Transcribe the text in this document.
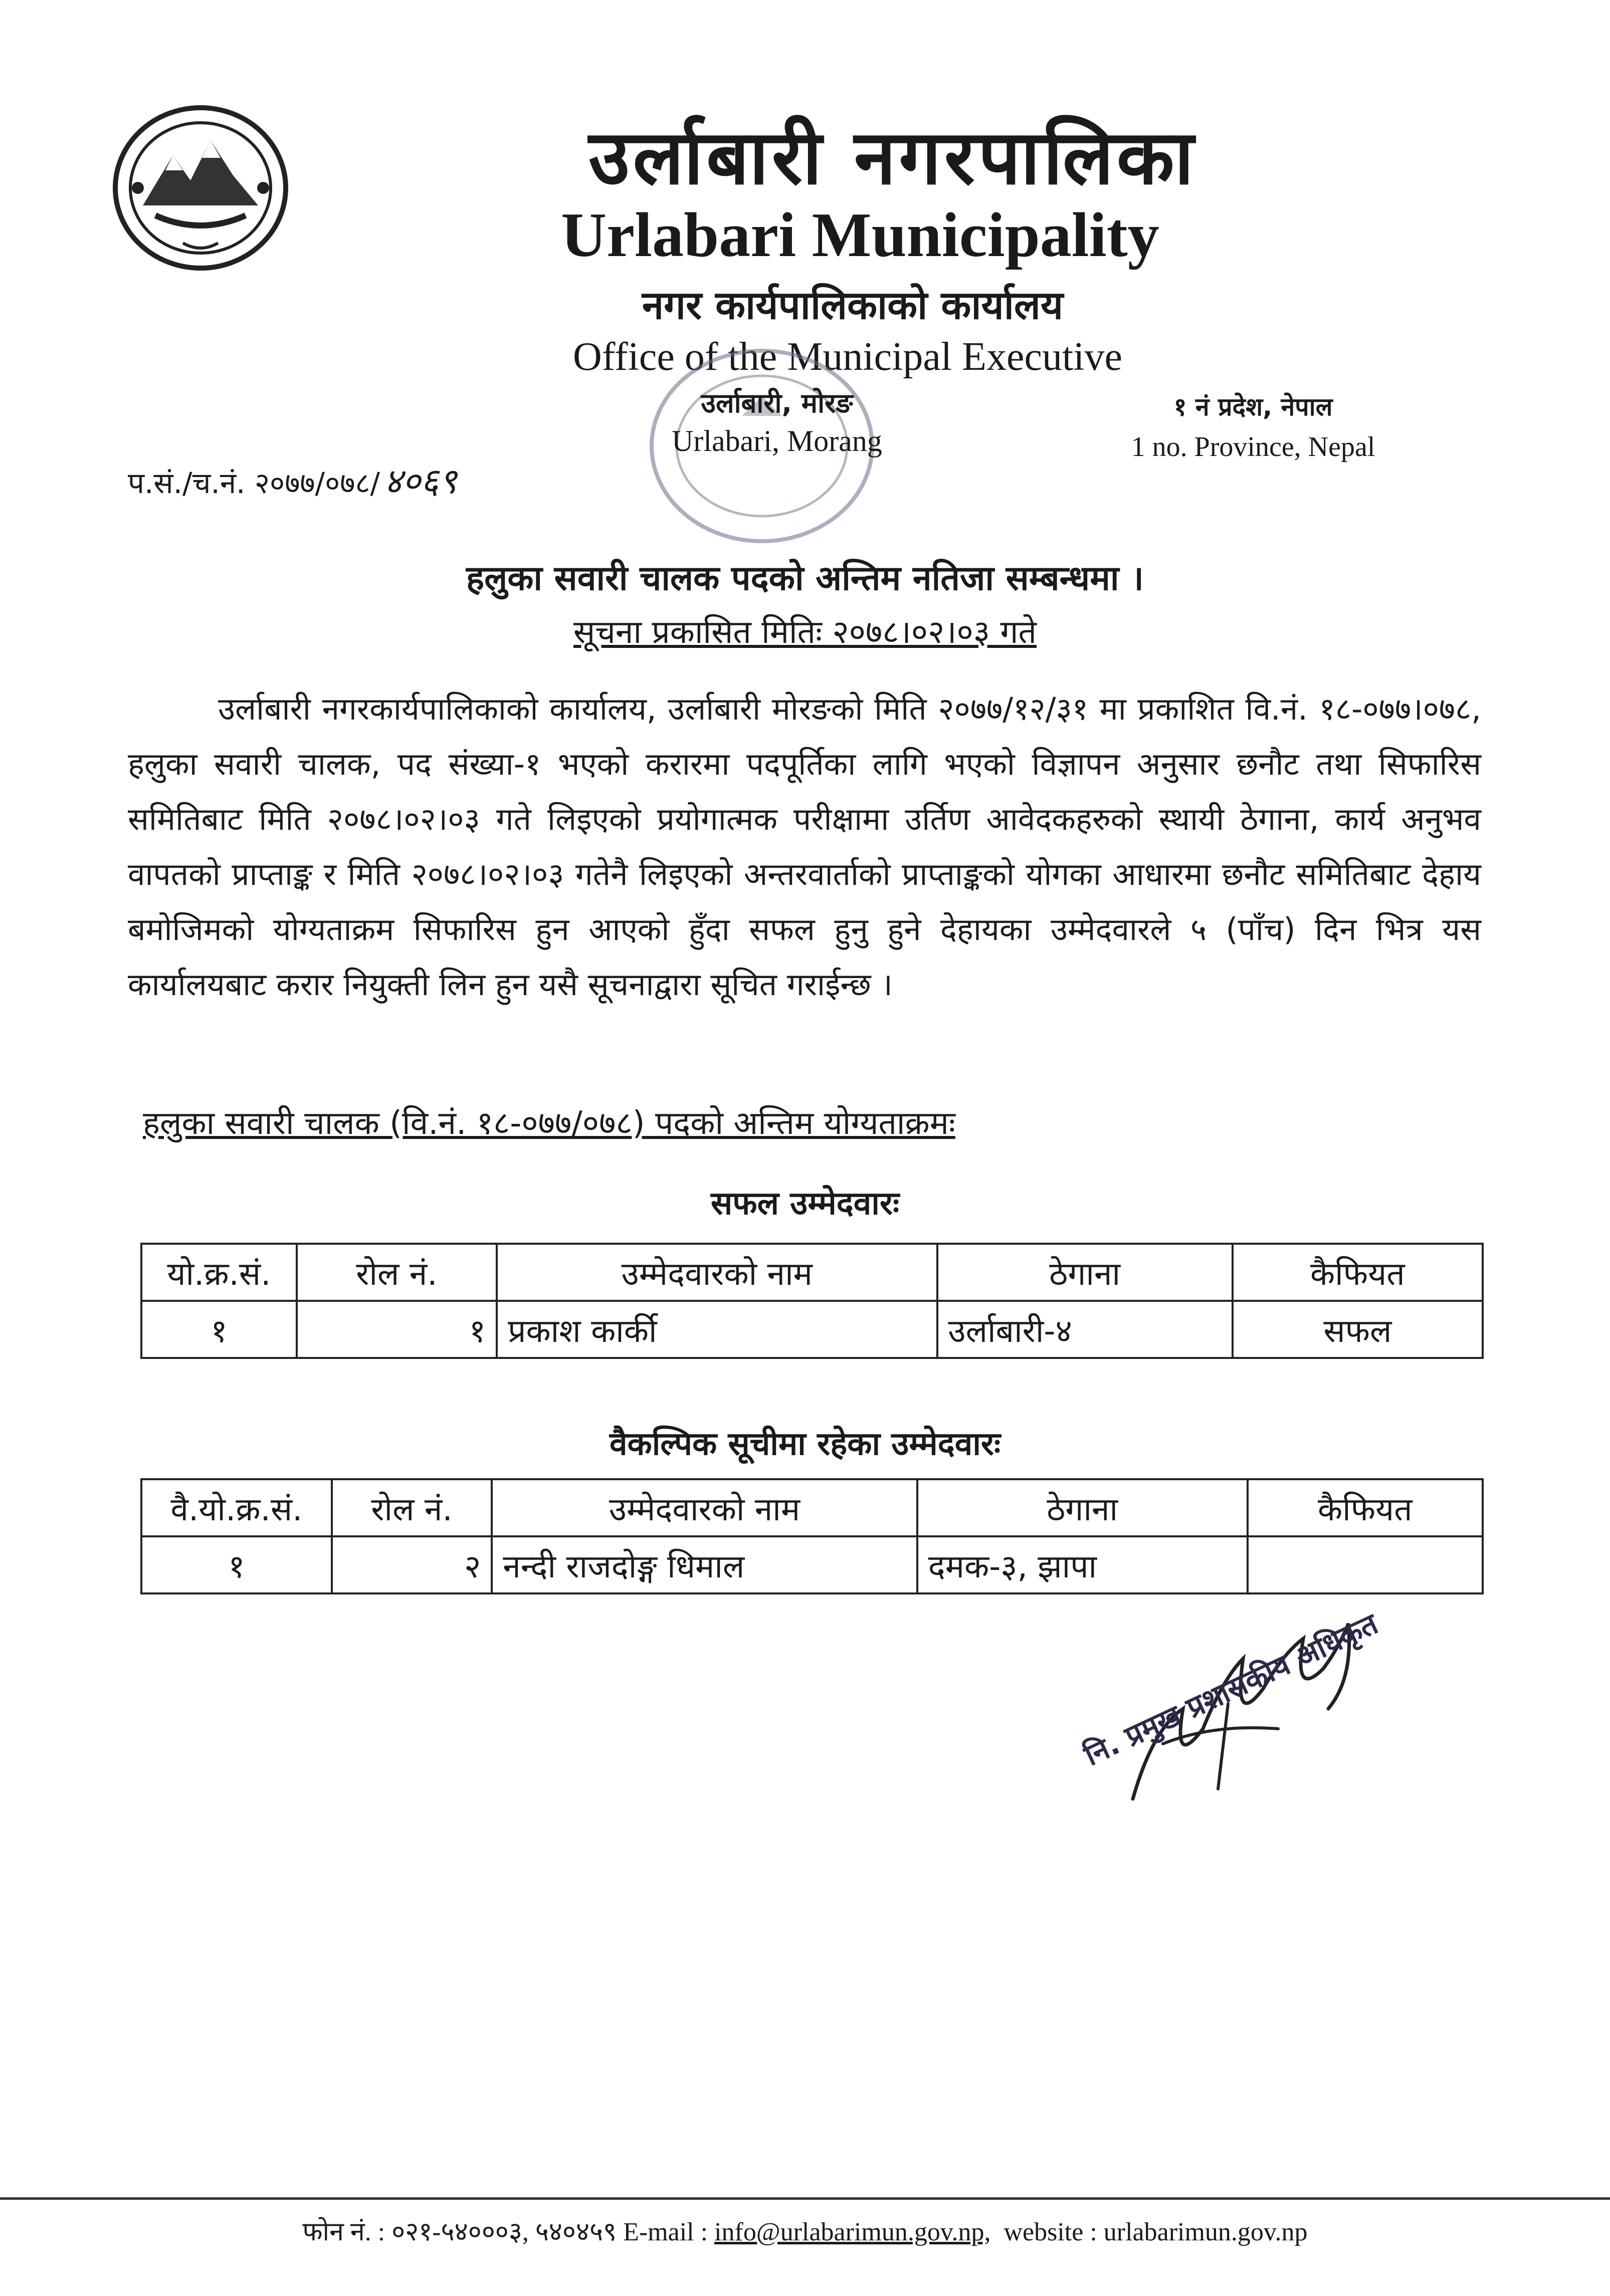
उर्लाबारी नगरपालिका
Urlabari Municipality
नगर कार्यपालिकाको कार्यालय
Office of the Municipal Executive
उर्लाबारी, मोरङ
Urlabari, Morang
१ नं प्रदेश, नेपाल
1 no. Province, Nepal
प.सं./च.नं. २०७७/०७८/ ४०६९
हलुका सवारी चालक पदको अन्तिम नतिजा सम्बन्धमा ।
सूचना प्रकासित मितिः २०७८।०२।०३ गते
उर्लाबारी नगरकार्यपालिकाको कार्यालय, उर्लाबारी मोरङको मिति २०७७/१२/३१ मा प्रकाशित वि.नं. १८-०७७।०७८, हलुका सवारी चालक, पद संख्या-१ भएको करारमा पदपूर्तिका लागि भएको विज्ञापन अनुसार छनौट तथा सिफारिस समितिबाट मिति २०७८।०२।०३ गते लिइएको प्रयोगात्मक परीक्षामा उर्तिण आवेदकहरुको स्थायी ठेगाना, कार्य अनुभव वापतको प्राप्ताङ्क र मिति २०७८।०२।०३ गतेनै लिइएको अन्तरवार्ताको प्राप्ताङ्कको योगका आधारमा छनौट समितिबाट देहाय बमोजिमको योग्यताक्रम सिफारिस हुन आएको हुँदा सफल हुनु हुने देहायका उम्मेदवारले ५ (पाँच) दिन भित्र यस कार्यालयबाट करार नियुक्ती लिन हुन यसै सूचनाद्वारा सूचित गराईन्छ ।
हलुका सवारी चालक (वि.नं. १८-०७७/०७८) पदको अन्तिम योग्यताक्रमः
सफल उम्मेदवारः
यो.क्र.सं.	रोल नं.	उम्मेदवारको नाम	ठेगाना	कैफियत
१	१	प्रकाश कार्की	उर्लाबारी-४	सफल
वैकल्पिक सूचीमा रहेका उम्मेदवारः
वै.यो.क्र.सं.	रोल नं.	उम्मेदवारको नाम	ठेगाना	कैफियत
१	२	नन्दी राजदोङ्ग धिमाल	दमक-३, झापा	
नि. प्रमुख प्रशासकीय अधिकृत
फोन नं. : ०२१-५४०००३, ५४०४५९ E-mail : info@urlabarimun.gov.np, website : urlabarimun.gov.np
